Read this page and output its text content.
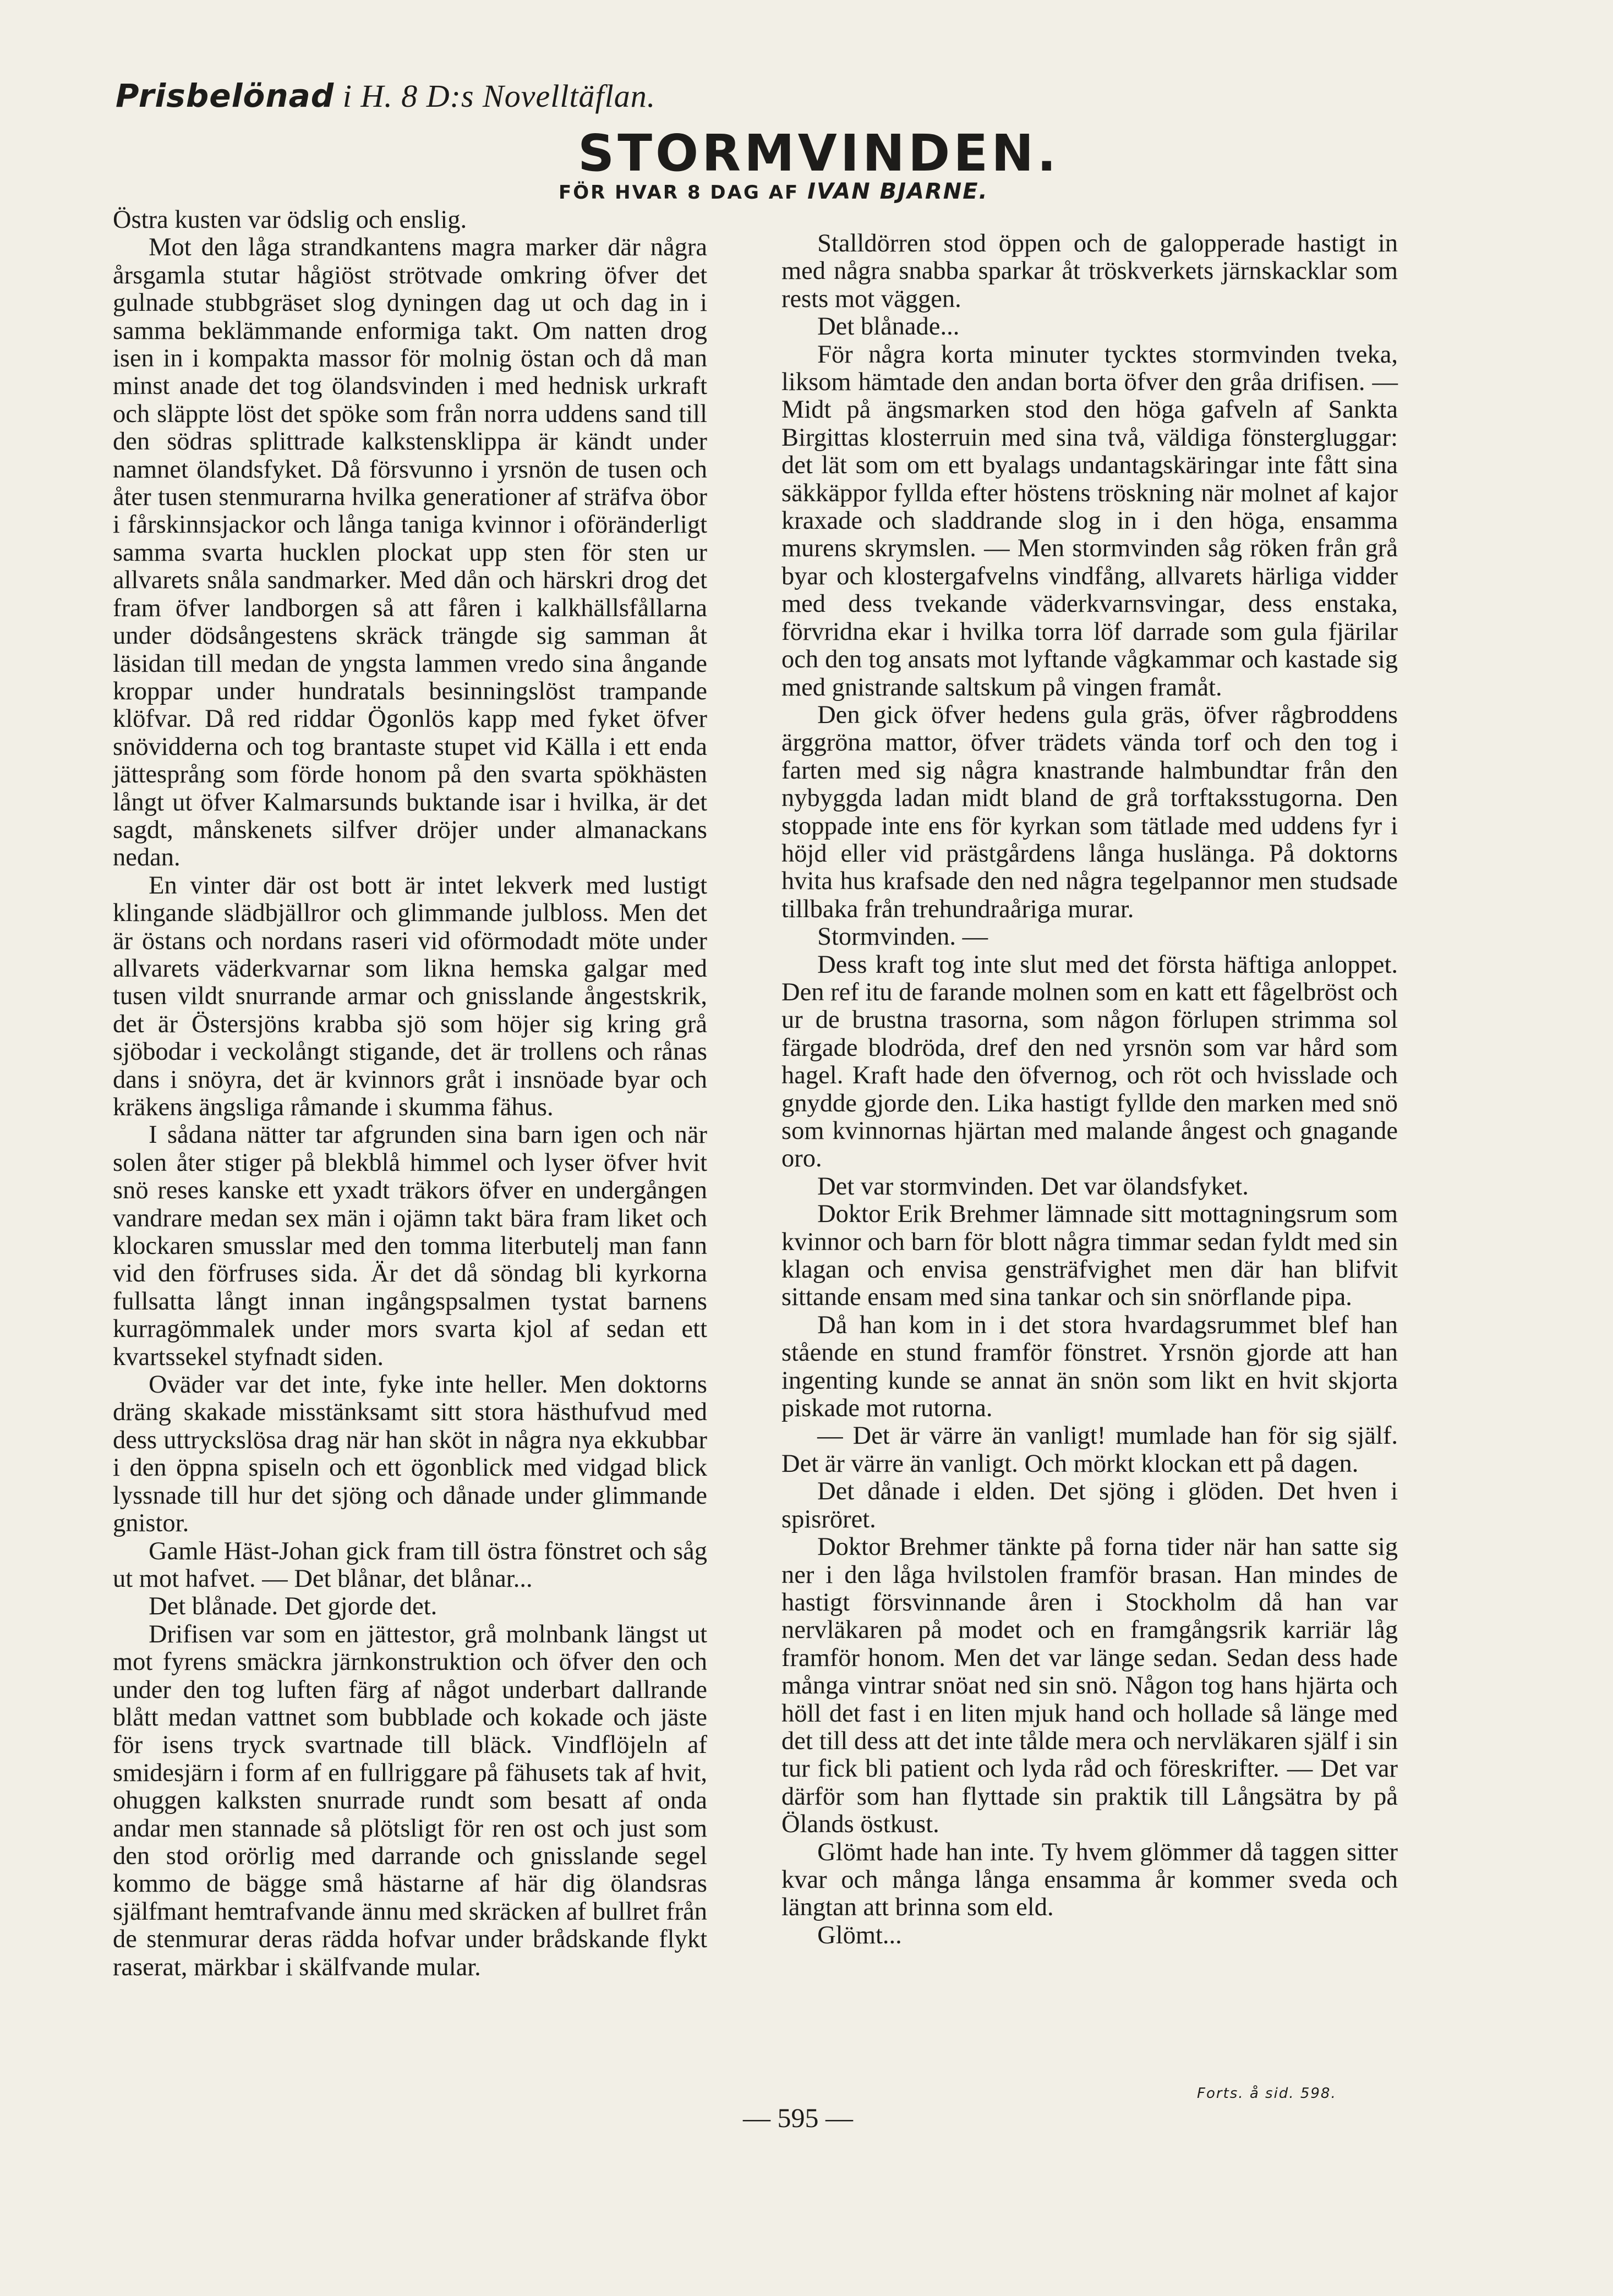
Prisbelönad i H. 8 D:s Novelltäflan.
STORMVINDEN.
FÖR HVAR 8 DAG AF IVAN BJARNE.

Östra kusten var ödslig och enslig.

Mot den låga strandkantens magra marker där några årsgamla stutar hågiöst strötvade omkring öfver det gulnade stubbgräset slog dyningen dag ut och dag in i samma beklämmande enformiga takt. Om natten drog isen in i kompakta massor för molnig östan och då man minst anade det tog ölandsvinden i med hednisk urkraft och släppte löst det spöke som från norra uddens sand till den södras splittrade kalkstensklippa är kändt under namnet ölandsfyket. Då försvunno i yrsnön de tusen och åter tusen stenmurarna hvilka generationer af sträfva öbor i fårskinnsjackor och långa taniga kvinnor i oföränderligt samma svarta hucklen plockat upp sten för sten ur allvarets snåla sandmarker. Med dån och härskri drog det fram öfver landborgen så att fåren i kalkhällsfållarna under dödsångestens skräck trängde sig samman åt läsidan till medan de yngsta lammen vredo sina ångande kroppar under hundratals besinningslöst trampande klöfvar. Då red riddar Ögonlös kapp med fyket öfver snövidderna och tog brantaste stupet vid Källa i ett enda jättesprång som förde honom på den svarta spökhästen långt ut öfver Kalmarsunds buktande isar i hvilka, är det sagdt, månskenets silfver dröjer under almanackans nedan.

En vinter där ost bott är intet lekverk med lustigt klingande slädbjällror och glimmande julbloss. Men det är östans och nordans raseri vid oförmodadt möte under allvarets väderkvarnar som likna hemska galgar med tusen vildt snurrande armar och gnisslande ångestskrik, det är Östersjöns krabba sjö som höjer sig kring grå sjöbodar i veckolångt stigande, det är trollens och rånas dans i snöyra, det är kvinnors gråt i insnöade byar och kräkens ängsliga råmande i skumma fähus.

I sådana nätter tar afgrunden sina barn igen och när solen åter stiger på blekblå himmel och lyser öfver hvit snö reses kanske ett yxadt träkors öfver en undergången vandrare medan sex män i ojämn takt bära fram liket och klockaren smusslar med den tomma literbutelj man fann vid den förfruses sida. Är det då söndag bli kyrkorna fullsatta långt innan ingångspsalmen tystat barnens kurragömmalek under mors svarta kjol af sedan ett kvartssekel styfnadt siden.

Oväder var det inte, fyke inte heller. Men doktorns dräng skakade misstänksamt sitt stora hästhufvud med dess uttryckslösa drag när han sköt in några nya ekkubbar i den öppna spiseln och ett ögonblick med vidgad blick lyssnade till hur det sjöng och dånade under glimmande gnistor.

Gamle Häst-Johan gick fram till östra fönstret och såg ut mot hafvet. — Det blånar, det blånar...

Det blånade. Det gjorde det.

Drifisen var som en jättestor, grå molnbank längst ut mot fyrens smäckra järnkonstruktion och öfver den och under den tog luften färg af något underbart dallrande blått medan vattnet som bubblade och kokade och jäste för isens tryck svartnade till bläck. Vindflöjeln af smidesjärn i form af en fullriggare på fähusets tak af hvit, ohuggen kalksten snurrade rundt som besatt af onda andar men stannade så plötsligt för ren ost och just som den stod orörlig med darrande och gnisslande segel kommo de bägge små hästarne af här dig ölandsras själfmant hemtrafvande ännu med skräcken af bullret från de stenmurar deras rädda hofvar under brådskande flykt raserat, märkbar i skälfvande mular.

Stalldörren stod öppen och de galopperade hastigt in med några snabba sparkar åt tröskverkets järnskacklar som rests mot väggen.

Det blånade...

För några korta minuter tycktes stormvinden tveka, liksom hämtade den andan borta öfver den gråa drifisen. — Midt på ängsmarken stod den höga gafveln af Sankta Birgittas klosterruin med sina två, väldiga fönstergluggar: det lät som om ett byalags undantagskäringar inte fått sina säkkäppor fyllda efter höstens tröskning när molnet af kajor kraxade och sladdrande slog in i den höga, ensamma murens skrymslen. — Men stormvinden såg röken från grå byar och klostergafvelns vindfång, allvarets härliga vidder med dess tvekande väderkvarnsvingar, dess enstaka, förvridna ekar i hvilka torra löf darrade som gula fjärilar och den tog ansats mot lyftande vågkammar och kastade sig med gnistrande saltskum på vingen framåt.

Den gick öfver hedens gula gräs, öfver rågbroddens ärggröna mattor, öfver trädets vända torf och den tog i farten med sig några knastrande halmbundtar från den nybyggda ladan midt bland de grå torftaksstugorna. Den stoppade inte ens för kyrkan som tätlade med uddens fyr i höjd eller vid prästgårdens långa huslänga. På doktorns hvita hus krafsade den ned några tegelpannor men studsade tillbaka från trehundraåriga murar.

Stormvinden. —

Dess kraft tog inte slut med det första häftiga anloppet. Den ref itu de farande molnen som en katt ett fågelbröst och ur de brustna trasorna, som någon förlupen strimma sol färgade blodröda, dref den ned yrsnön som var hård som hagel. Kraft hade den öfvernog, och röt och hvisslade och gnydde gjorde den. Lika hastigt fyllde den marken med snö som kvinnornas hjärtan med malande ångest och gnagande oro.

Det var stormvinden. Det var ölandsfyket.

Doktor Erik Brehmer lämnade sitt mottagningsrum som kvinnor och barn för blott några timmar sedan fyldt med sin klagan och envisa gensträfvighet men där han blifvit sittande ensam med sina tankar och sin snörflande pipa.

Då han kom in i det stora hvardagsrummet blef han stående en stund framför fönstret. Yrsnön gjorde att han ingenting kunde se annat än snön som likt en hvit skjorta piskade mot rutorna.

— Det är värre än vanligt! mumlade han för sig själf. Det är värre än vanligt. Och mörkt klockan ett på dagen.

Det dånade i elden. Det sjöng i glöden. Det hven i spisröret.

Doktor Brehmer tänkte på forna tider när han satte sig ner i den låga hvilstolen framför brasan. Han mindes de hastigt försvinnande åren i Stockholm då han var nervläkaren på modet och en framgångsrik karriär låg framför honom. Men det var länge sedan. Sedan dess hade många vintrar snöat ned sin snö. Någon tog hans hjärta och höll det fast i en liten mjuk hand och hollade så länge med det till dess att det inte tålde mera och nervläkaren själf i sin tur fick bli patient och lyda råd och föreskrifter. — Det var därför som han flyttade sin praktik till Långsätra by på Ölands östkust.

Glömt hade han inte. Ty hvem glömmer då taggen sitter kvar och många långa ensamma år kommer sveda och längtan att brinna som eld.

Glömt...

Forts. å sid. 598.
— 595 —
